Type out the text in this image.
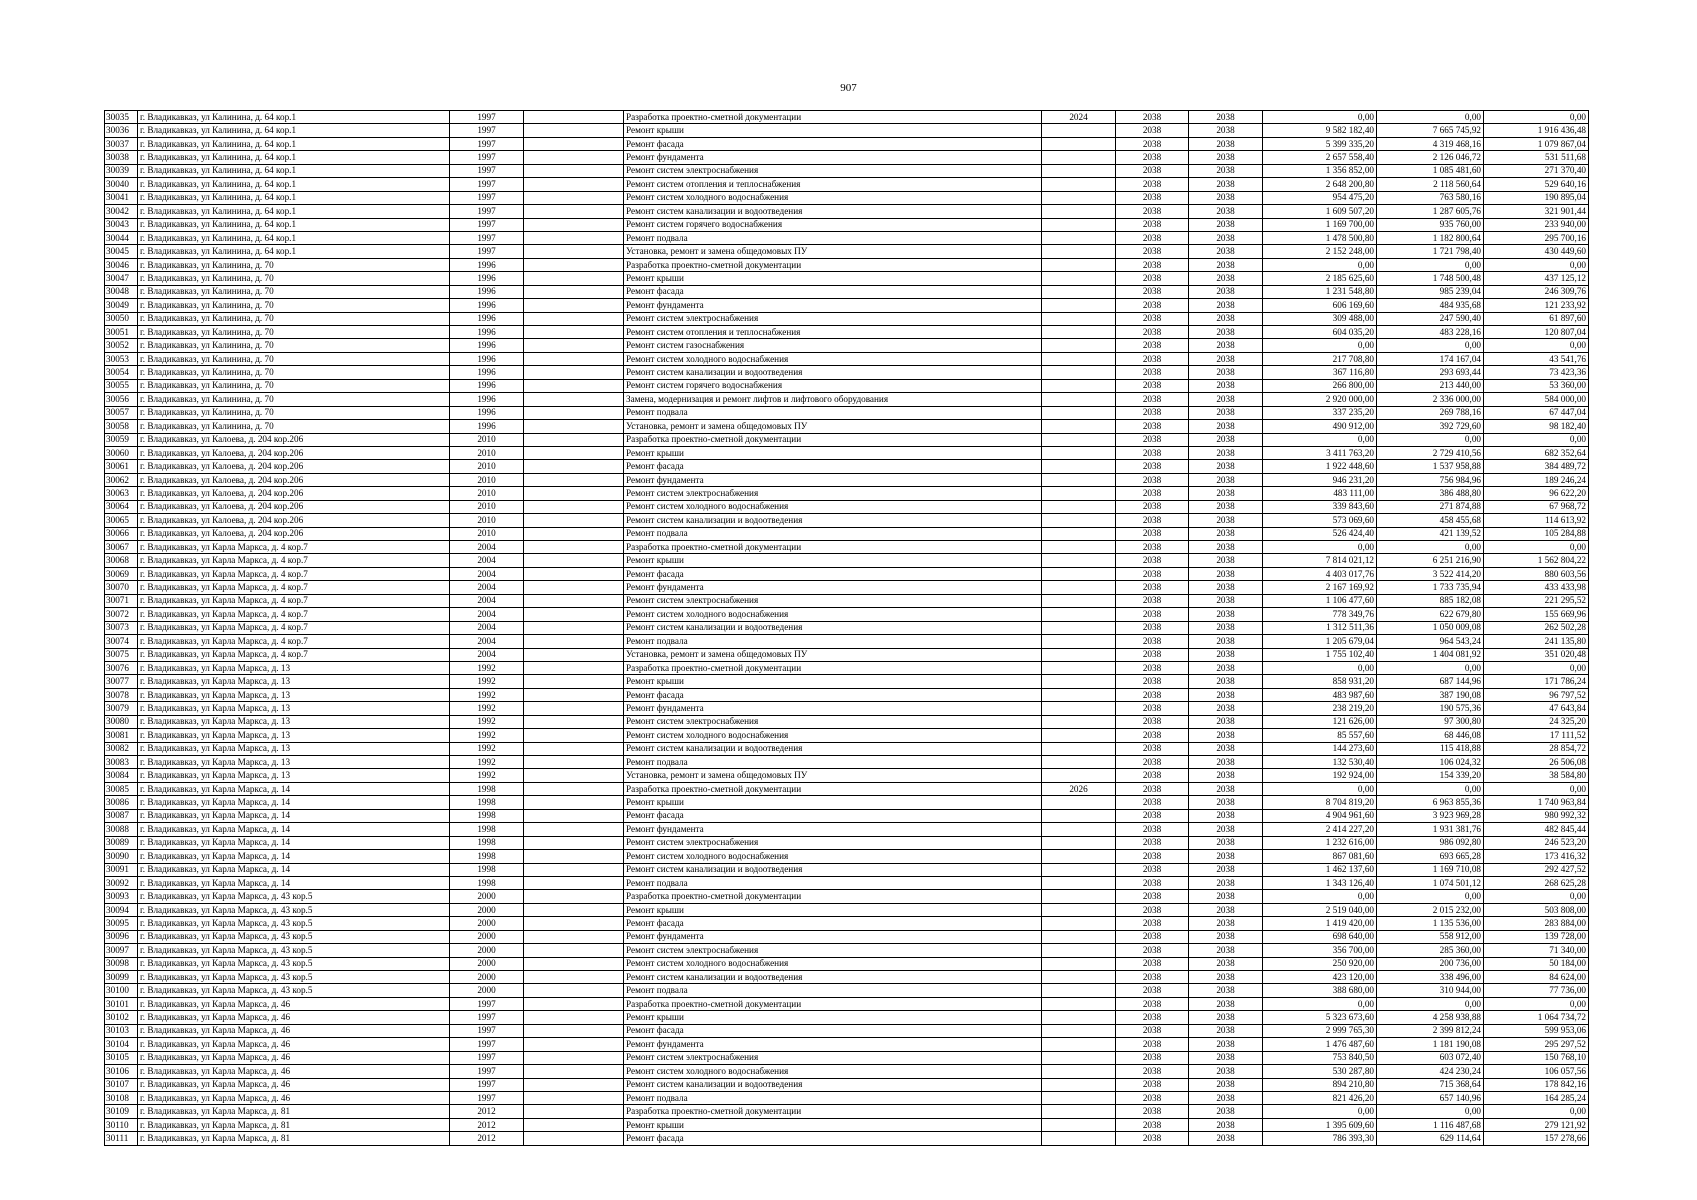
907
30035	г. Владикавказ, ул Калинина, д. 64 кор.1	1997		Разработка проектно-сметной документации	2024	2038	2038	0,00	0,00	0,00
30036	г. Владикавказ, ул Калинина, д. 64 кор.1	1997		Ремонт крыши		2038	2038	9 582 182,40	7 665 745,92	1 916 436,48
30037	г. Владикавказ, ул Калинина, д. 64 кор.1	1997		Ремонт фасада		2038	2038	5 399 335,20	4 319 468,16	1 079 867,04
30038	г. Владикавказ, ул Калинина, д. 64 кор.1	1997		Ремонт фундамента		2038	2038	2 657 558,40	2 126 046,72	531 511,68
30039	г. Владикавказ, ул Калинина, д. 64 кор.1	1997		Ремонт систем электроснабжения		2038	2038	1 356 852,00	1 085 481,60	271 370,40
30040	г. Владикавказ, ул Калинина, д. 64 кор.1	1997		Ремонт систем отопления и теплоснабжения		2038	2038	2 648 200,80	2 118 560,64	529 640,16
30041	г. Владикавказ, ул Калинина, д. 64 кор.1	1997		Ремонт систем холодного водоснабжения		2038	2038	954 475,20	763 580,16	190 895,04
30042	г. Владикавказ, ул Калинина, д. 64 кор.1	1997		Ремонт систем канализации и водоотведения		2038	2038	1 609 507,20	1 287 605,76	321 901,44
30043	г. Владикавказ, ул Калинина, д. 64 кор.1	1997		Ремонт систем горячего водоснабжения		2038	2038	1 169 700,00	935 760,00	233 940,00
30044	г. Владикавказ, ул Калинина, д. 64 кор.1	1997		Ремонт подвала		2038	2038	1 478 500,80	1 182 800,64	295 700,16
30045	г. Владикавказ, ул Калинина, д. 64 кор.1	1997		Установка, ремонт и замена общедомовых ПУ		2038	2038	2 152 248,00	1 721 798,40	430 449,60
30046	г. Владикавказ, ул Калинина, д. 70	1996		Разработка проектно-сметной документации		2038	2038	0,00	0,00	0,00
30047	г. Владикавказ, ул Калинина, д. 70	1996		Ремонт крыши		2038	2038	2 185 625,60	1 748 500,48	437 125,12
30048	г. Владикавказ, ул Калинина, д. 70	1996		Ремонт фасада		2038	2038	1 231 548,80	985 239,04	246 309,76
30049	г. Владикавказ, ул Калинина, д. 70	1996		Ремонт фундамента		2038	2038	606 169,60	484 935,68	121 233,92
30050	г. Владикавказ, ул Калинина, д. 70	1996		Ремонт систем электроснабжения		2038	2038	309 488,00	247 590,40	61 897,60
30051	г. Владикавказ, ул Калинина, д. 70	1996		Ремонт систем отопления и теплоснабжения		2038	2038	604 035,20	483 228,16	120 807,04
30052	г. Владикавказ, ул Калинина, д. 70	1996		Ремонт систем газоснабжения		2038	2038	0,00	0,00	0,00
30053	г. Владикавказ, ул Калинина, д. 70	1996		Ремонт систем холодного водоснабжения		2038	2038	217 708,80	174 167,04	43 541,76
30054	г. Владикавказ, ул Калинина, д. 70	1996		Ремонт систем канализации и водоотведения		2038	2038	367 116,80	293 693,44	73 423,36
30055	г. Владикавказ, ул Калинина, д. 70	1996		Ремонт систем горячего водоснабжения		2038	2038	266 800,00	213 440,00	53 360,00
30056	г. Владикавказ, ул Калинина, д. 70	1996		Замена, модернизация и ремонт лифтов и лифтового оборудования		2038	2038	2 920 000,00	2 336 000,00	584 000,00
30057	г. Владикавказ, ул Калинина, д. 70	1996		Ремонт подвала		2038	2038	337 235,20	269 788,16	67 447,04
30058	г. Владикавказ, ул Калинина, д. 70	1996		Установка, ремонт и замена общедомовых ПУ		2038	2038	490 912,00	392 729,60	98 182,40
30059	г. Владикавказ, ул Калоева, д. 204 кор.206	2010		Разработка проектно-сметной документации		2038	2038	0,00	0,00	0,00
30060	г. Владикавказ, ул Калоева, д. 204 кор.206	2010		Ремонт крыши		2038	2038	3 411 763,20	2 729 410,56	682 352,64
30061	г. Владикавказ, ул Калоева, д. 204 кор.206	2010		Ремонт фасада		2038	2038	1 922 448,60	1 537 958,88	384 489,72
30062	г. Владикавказ, ул Калоева, д. 204 кор.206	2010		Ремонт фундамента		2038	2038	946 231,20	756 984,96	189 246,24
30063	г. Владикавказ, ул Калоева, д. 204 кор.206	2010		Ремонт систем электроснабжения		2038	2038	483 111,00	386 488,80	96 622,20
30064	г. Владикавказ, ул Калоева, д. 204 кор.206	2010		Ремонт систем холодного водоснабжения		2038	2038	339 843,60	271 874,88	67 968,72
30065	г. Владикавказ, ул Калоева, д. 204 кор.206	2010		Ремонт систем канализации и водоотведения		2038	2038	573 069,60	458 455,68	114 613,92
30066	г. Владикавказ, ул Калоева, д. 204 кор.206	2010		Ремонт подвала		2038	2038	526 424,40	421 139,52	105 284,88
30067	г. Владикавказ, ул Карла Маркса, д. 4 кор.7	2004		Разработка проектно-сметной документации		2038	2038	0,00	0,00	0,00
30068	г. Владикавказ, ул Карла Маркса, д. 4 кор.7	2004		Ремонт крыши		2038	2038	7 814 021,12	6 251 216,90	1 562 804,22
30069	г. Владикавказ, ул Карла Маркса, д. 4 кор.7	2004		Ремонт фасада		2038	2038	4 403 017,76	3 522 414,20	880 603,56
30070	г. Владикавказ, ул Карла Маркса, д. 4 кор.7	2004		Ремонт фундамента		2038	2038	2 167 169,92	1 733 735,94	433 433,98
30071	г. Владикавказ, ул Карла Маркса, д. 4 кор.7	2004		Ремонт систем электроснабжения		2038	2038	1 106 477,60	885 182,08	221 295,52
30072	г. Владикавказ, ул Карла Маркса, д. 4 кор.7	2004		Ремонт систем холодного водоснабжения		2038	2038	778 349,76	622 679,80	155 669,96
30073	г. Владикавказ, ул Карла Маркса, д. 4 кор.7	2004		Ремонт систем канализации и водоотведения		2038	2038	1 312 511,36	1 050 009,08	262 502,28
30074	г. Владикавказ, ул Карла Маркса, д. 4 кор.7	2004		Ремонт подвала		2038	2038	1 205 679,04	964 543,24	241 135,80
30075	г. Владикавказ, ул Карла Маркса, д. 4 кор.7	2004		Установка, ремонт и замена общедомовых ПУ		2038	2038	1 755 102,40	1 404 081,92	351 020,48
30076	г. Владикавказ, ул Карла Маркса, д. 13	1992		Разработка проектно-сметной документации		2038	2038	0,00	0,00	0,00
30077	г. Владикавказ, ул Карла Маркса, д. 13	1992		Ремонт крыши		2038	2038	858 931,20	687 144,96	171 786,24
30078	г. Владикавказ, ул Карла Маркса, д. 13	1992		Ремонт фасада		2038	2038	483 987,60	387 190,08	96 797,52
30079	г. Владикавказ, ул Карла Маркса, д. 13	1992		Ремонт фундамента		2038	2038	238 219,20	190 575,36	47 643,84
30080	г. Владикавказ, ул Карла Маркса, д. 13	1992		Ремонт систем электроснабжения		2038	2038	121 626,00	97 300,80	24 325,20
30081	г. Владикавказ, ул Карла Маркса, д. 13	1992		Ремонт систем холодного водоснабжения		2038	2038	85 557,60	68 446,08	17 111,52
30082	г. Владикавказ, ул Карла Маркса, д. 13	1992		Ремонт систем канализации и водоотведения		2038	2038	144 273,60	115 418,88	28 854,72
30083	г. Владикавказ, ул Карла Маркса, д. 13	1992		Ремонт подвала		2038	2038	132 530,40	106 024,32	26 506,08
30084	г. Владикавказ, ул Карла Маркса, д. 13	1992		Установка, ремонт и замена общедомовых ПУ		2038	2038	192 924,00	154 339,20	38 584,80
30085	г. Владикавказ, ул Карла Маркса, д. 14	1998		Разработка проектно-сметной документации	2026	2038	2038	0,00	0,00	0,00
30086	г. Владикавказ, ул Карла Маркса, д. 14	1998		Ремонт крыши		2038	2038	8 704 819,20	6 963 855,36	1 740 963,84
30087	г. Владикавказ, ул Карла Маркса, д. 14	1998		Ремонт фасада		2038	2038	4 904 961,60	3 923 969,28	980 992,32
30088	г. Владикавказ, ул Карла Маркса, д. 14	1998		Ремонт фундамента		2038	2038	2 414 227,20	1 931 381,76	482 845,44
30089	г. Владикавказ, ул Карла Маркса, д. 14	1998		Ремонт систем электроснабжения		2038	2038	1 232 616,00	986 092,80	246 523,20
30090	г. Владикавказ, ул Карла Маркса, д. 14	1998		Ремонт систем холодного водоснабжения		2038	2038	867 081,60	693 665,28	173 416,32
30091	г. Владикавказ, ул Карла Маркса, д. 14	1998		Ремонт систем канализации и водоотведения		2038	2038	1 462 137,60	1 169 710,08	292 427,52
30092	г. Владикавказ, ул Карла Маркса, д. 14	1998		Ремонт подвала		2038	2038	1 343 126,40	1 074 501,12	268 625,28
30093	г. Владикавказ, ул Карла Маркса, д. 43 кор.5	2000		Разработка проектно-сметной документации		2038	2038	0,00	0,00	0,00
30094	г. Владикавказ, ул Карла Маркса, д. 43 кор.5	2000		Ремонт крыши		2038	2038	2 519 040,00	2 015 232,00	503 808,00
30095	г. Владикавказ, ул Карла Маркса, д. 43 кор.5	2000		Ремонт фасада		2038	2038	1 419 420,00	1 135 536,00	283 884,00
30096	г. Владикавказ, ул Карла Маркса, д. 43 кор.5	2000		Ремонт фундамента		2038	2038	698 640,00	558 912,00	139 728,00
30097	г. Владикавказ, ул Карла Маркса, д. 43 кор.5	2000		Ремонт систем электроснабжения		2038	2038	356 700,00	285 360,00	71 340,00
30098	г. Владикавказ, ул Карла Маркса, д. 43 кор.5	2000		Ремонт систем холодного водоснабжения		2038	2038	250 920,00	200 736,00	50 184,00
30099	г. Владикавказ, ул Карла Маркса, д. 43 кор.5	2000		Ремонт систем канализации и водоотведения		2038	2038	423 120,00	338 496,00	84 624,00
30100	г. Владикавказ, ул Карла Маркса, д. 43 кор.5	2000		Ремонт подвала		2038	2038	388 680,00	310 944,00	77 736,00
30101	г. Владикавказ, ул Карла Маркса, д. 46	1997		Разработка проектно-сметной документации		2038	2038	0,00	0,00	0,00
30102	г. Владикавказ, ул Карла Маркса, д. 46	1997		Ремонт крыши		2038	2038	5 323 673,60	4 258 938,88	1 064 734,72
30103	г. Владикавказ, ул Карла Маркса, д. 46	1997		Ремонт фасада		2038	2038	2 999 765,30	2 399 812,24	599 953,06
30104	г. Владикавказ, ул Карла Маркса, д. 46	1997		Ремонт фундамента		2038	2038	1 476 487,60	1 181 190,08	295 297,52
30105	г. Владикавказ, ул Карла Маркса, д. 46	1997		Ремонт систем электроснабжения		2038	2038	753 840,50	603 072,40	150 768,10
30106	г. Владикавказ, ул Карла Маркса, д. 46	1997		Ремонт систем холодного водоснабжения		2038	2038	530 287,80	424 230,24	106 057,56
30107	г. Владикавказ, ул Карла Маркса, д. 46	1997		Ремонт систем канализации и водоотведения		2038	2038	894 210,80	715 368,64	178 842,16
30108	г. Владикавказ, ул Карла Маркса, д. 46	1997		Ремонт подвала		2038	2038	821 426,20	657 140,96	164 285,24
30109	г. Владикавказ, ул Карла Маркса, д. 81	2012		Разработка проектно-сметной документации		2038	2038	0,00	0,00	0,00
30110	г. Владикавказ, ул Карла Маркса, д. 81	2012		Ремонт крыши		2038	2038	1 395 609,60	1 116 487,68	279 121,92
30111	г. Владикавказ, ул Карла Маркса, д. 81	2012		Ремонт фасада		2038	2038	786 393,30	629 114,64	157 278,66
